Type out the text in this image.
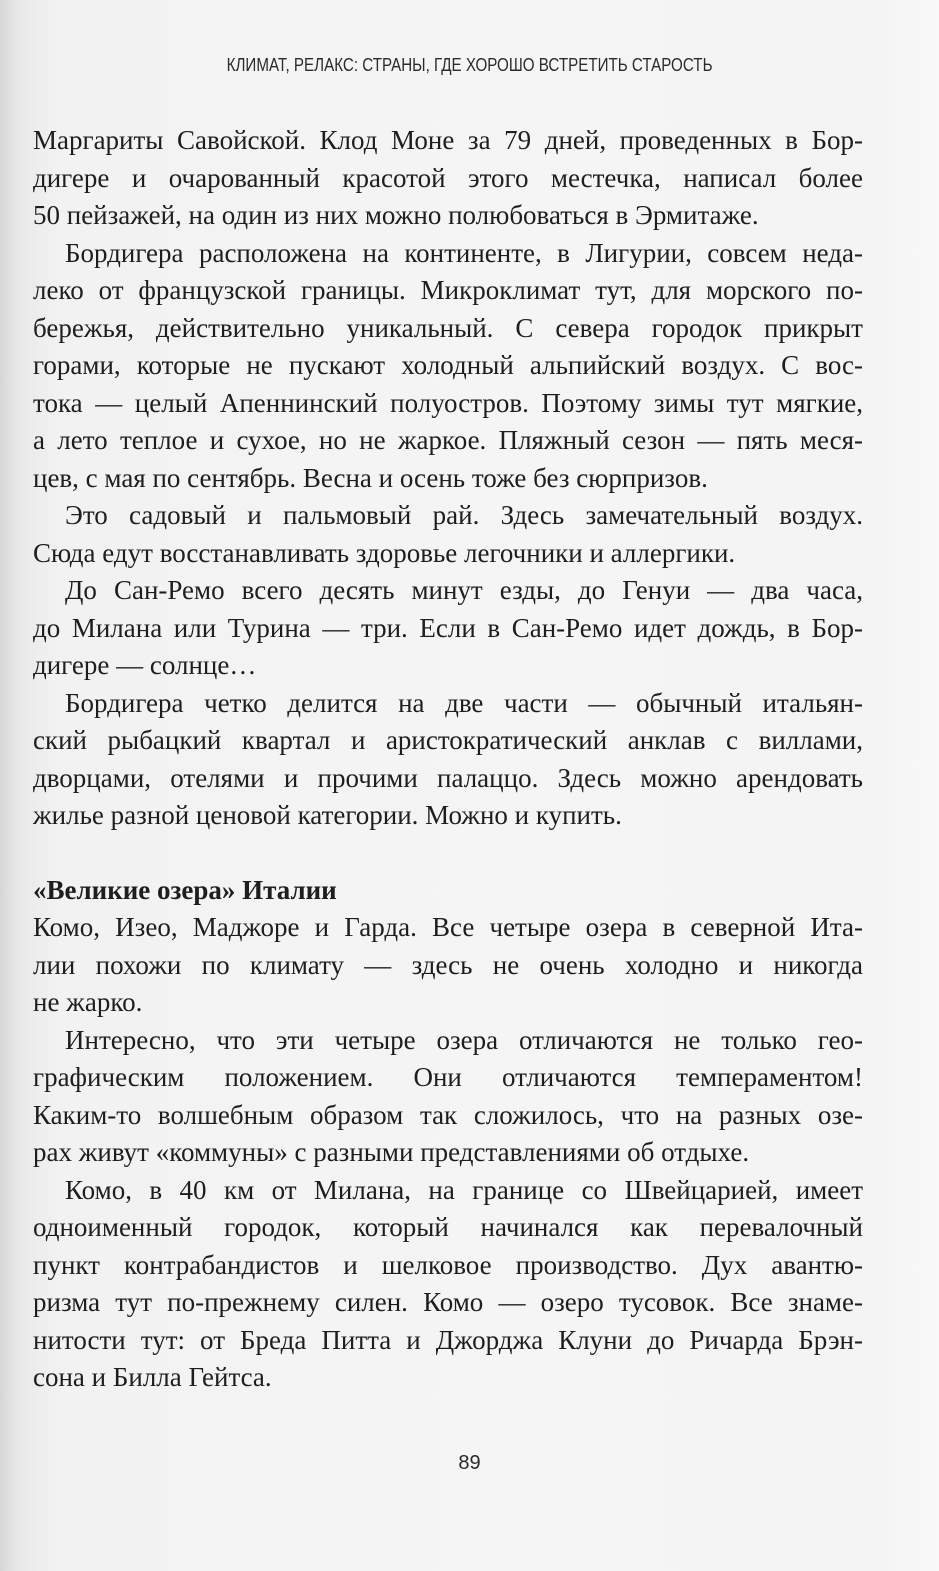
КЛИМАТ, РЕЛАКС: СТРАНЫ, ГДЕ ХОРОШО ВСТРЕТИТЬ СТАРОСТЬ
Маргариты Савойской. Клод Моне за 79 дней, проведенных в Бор-
дигере и очарованный красотой этого местечка, написал более
50 пейзажей, на один из них можно полюбоваться в Эрмитаже.
Бордигера расположена на континенте, в Лигурии, совсем неда-
леко от французской границы. Микроклимат тут, для морского по-
бережья, действительно уникальный. С севера городок прикрыт
горами, которые не пускают холодный альпийский воздух. С вос-
тока — целый Апеннинский полуостров. Поэтому зимы тут мягкие,
а лето теплое и сухое, но не жаркое. Пляжный сезон — пять меся-
цев, с мая по сентябрь. Весна и осень тоже без сюрпризов.
Это садовый и пальмовый рай. Здесь замечательный воздух.
Сюда едут восстанавливать здоровье легочники и аллергики.
До Сан-Ремо всего десять минут езды, до Генуи — два часа,
до Милана или Турина — три. Если в Сан-Ремо идет дождь, в Бор-
дигере — солнце…
Бордигера четко делится на две части — обычный итальян-
ский рыбацкий квартал и аристократический анклав с виллами,
дворцами, отелями и прочими палаццо. Здесь можно арендовать
жилье разной ценовой категории. Можно и купить.
«Великие озера» Италии
Комо, Изео, Маджоре и Гарда. Все четыре озера в северной Ита-
лии похожи по климату — здесь не очень холодно и никогда
не жарко.
Интересно, что эти четыре озера отличаются не только гео-
графическим положением. Они отличаются темпераментом!
Каким-то волшебным образом так сложилось, что на разных озе-
рах живут «коммуны» с разными представлениями об отдыхе.
Комо, в 40 км от Милана, на границе со Швейцарией, имеет
одноименный городок, который начинался как перевалочный
пункт контрабандистов и шелковое производство. Дух авантю-
ризма тут по-прежнему силен. Комо — озеро тусовок. Все знаме-
нитости тут: от Бреда Питта и Джорджа Клуни до Ричарда Брэн-
сона и Билла Гейтса.
89
